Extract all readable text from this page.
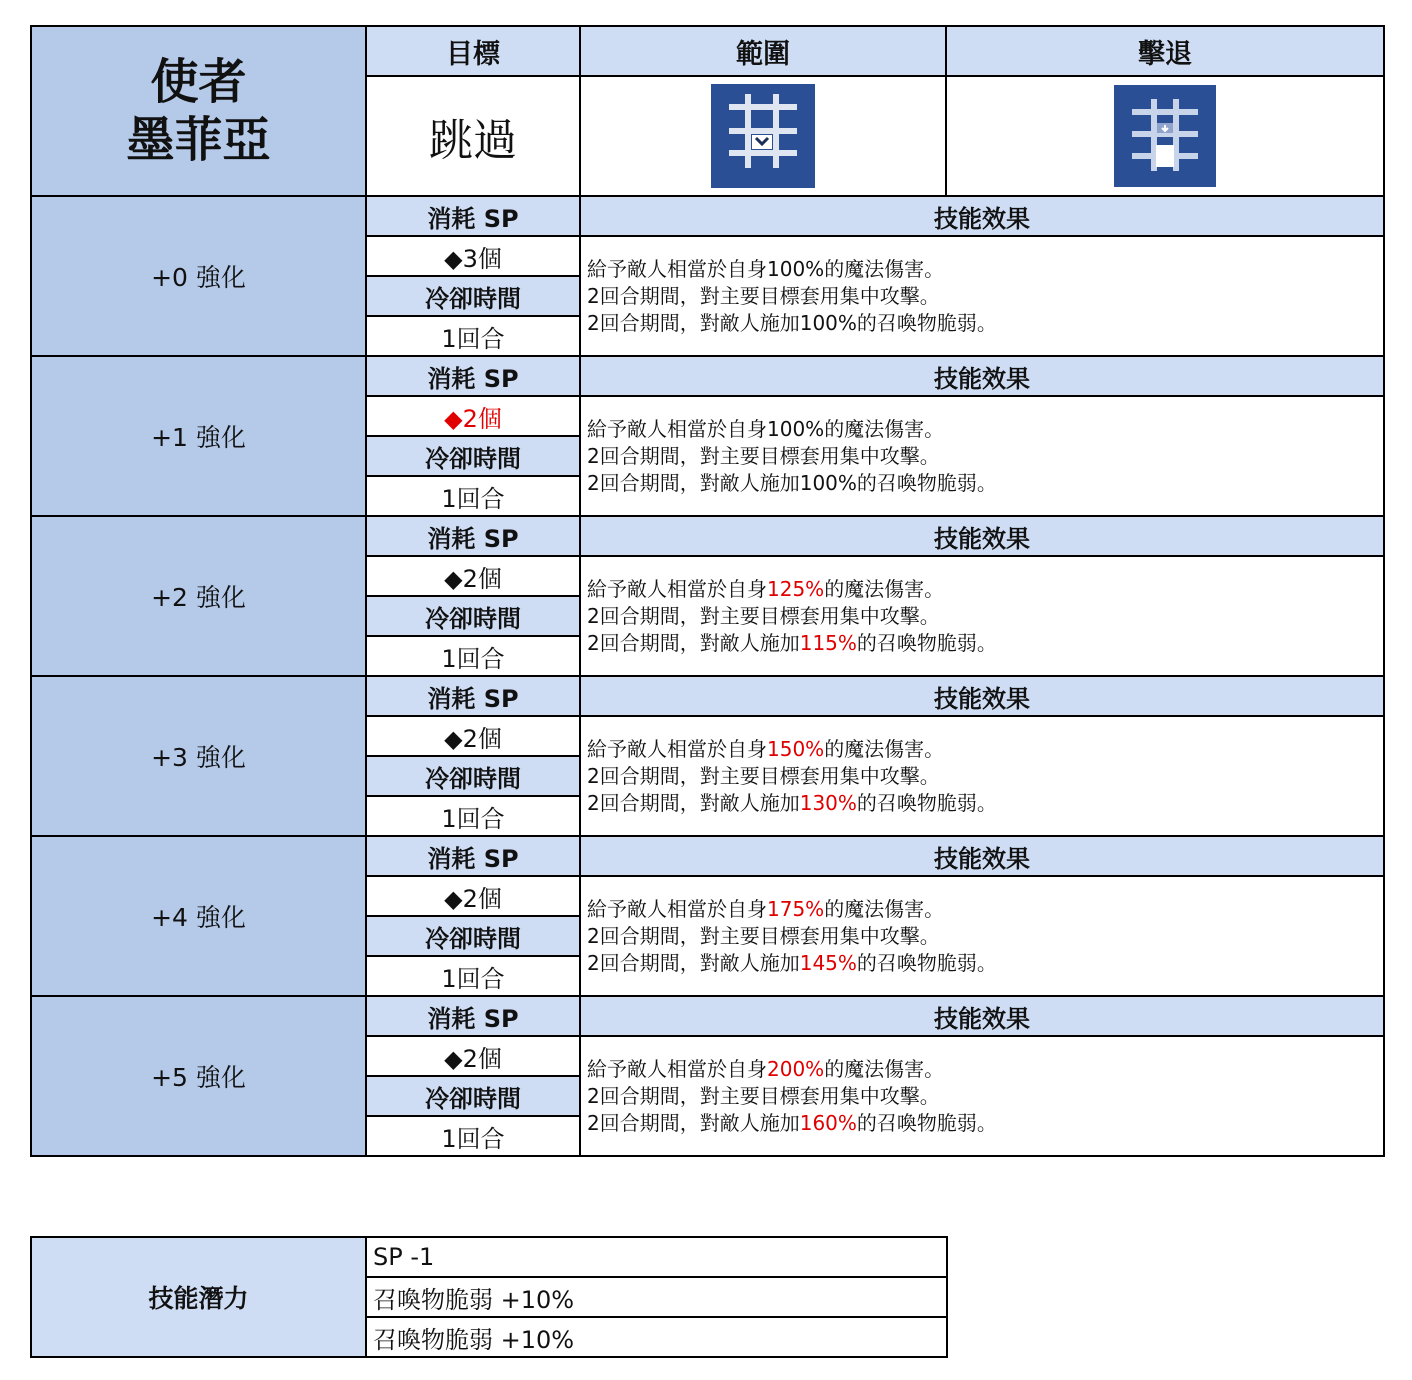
使者
墨菲亞	目標	範圍	擊退
	跳過		
+0 強化	消耗 SP	技能效果	
	◆3個	給予敵人相當於自身100%的魔法傷害。
2回合期間，對主要目標套用集中攻擊。
2回合期間，對敵人施加100%的召喚物脆弱。	

	冷卻時間		
	1回合		
+1 強化	消耗 SP	技能效果	
	◆2個	給予敵人相當於自身100%的魔法傷害。
2回合期間，對主要目標套用集中攻擊。
2回合期間，對敵人施加100%的召喚物脆弱。	

	冷卻時間		
	1回合		
+2 強化	消耗 SP	技能效果	
	◆2個	給予敵人相當於自身125%的魔法傷害。
2回合期間，對主要目標套用集中攻擊。
2回合期間，對敵人施加115%的召喚物脆弱。	

	冷卻時間		
	1回合		
+3 強化	消耗 SP	技能效果	
	◆2個	給予敵人相當於自身150%的魔法傷害。
2回合期間，對主要目標套用集中攻擊。
2回合期間，對敵人施加130%的召喚物脆弱。	

	冷卻時間		
	1回合		
+4 強化	消耗 SP	技能效果	
	◆2個	給予敵人相當於自身175%的魔法傷害。
2回合期間，對主要目標套用集中攻擊。
2回合期間，對敵人施加145%的召喚物脆弱。	

	冷卻時間		
	1回合		
+5 強化	消耗 SP	技能效果	
	◆2個	給予敵人相當於自身200%的魔法傷害。
2回合期間，對主要目標套用集中攻擊。
2回合期間，對敵人施加160%的召喚物脆弱。	

	冷卻時間		
	1回合		
技能潛力	SP -1
召喚物脆弱 +10%
召喚物脆弱 +10%
